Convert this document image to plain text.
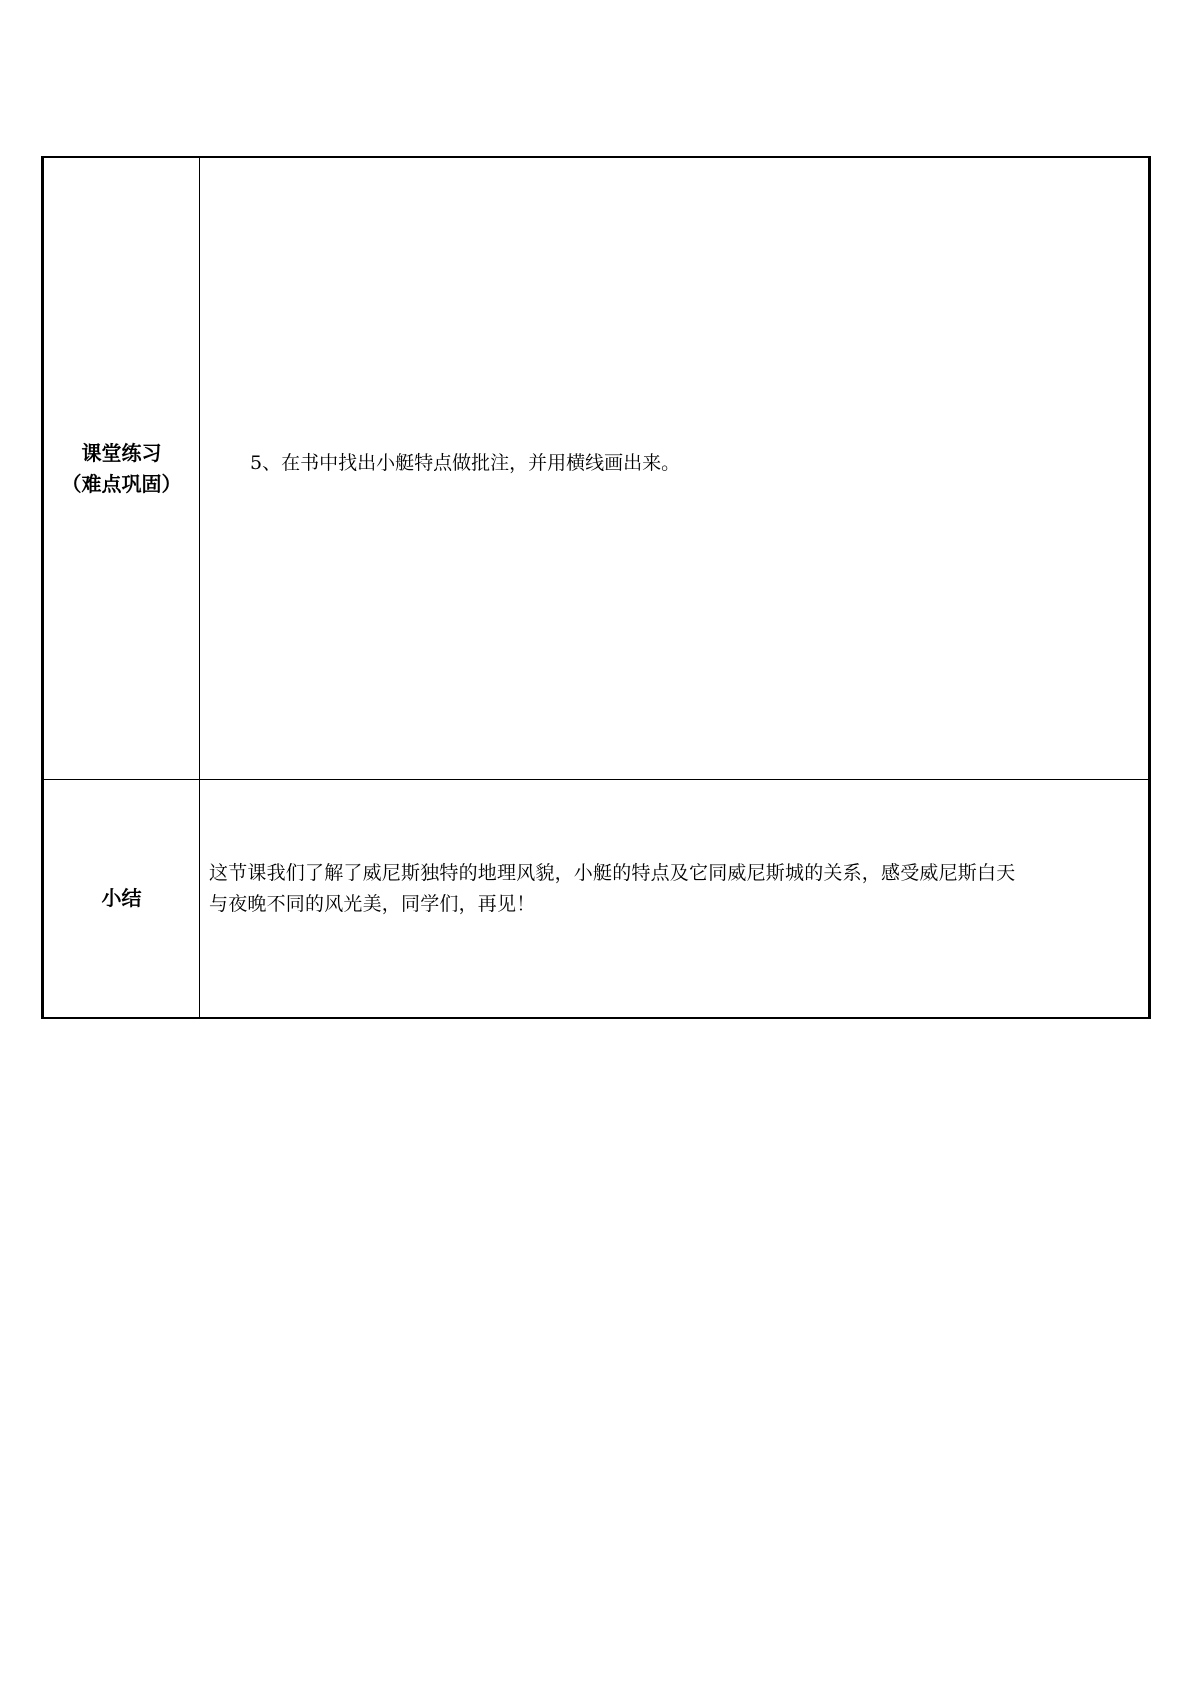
课堂练习
（难点巩固）	5、在书中找出小艇特点做批注，并用横线画出来。

小结	这节课我们了解了威尼斯独特的地理风貌，小艇的特点及它同威尼斯城的关系，感受威尼斯白天
与夜晚不同的风光美，同学们，再见！
